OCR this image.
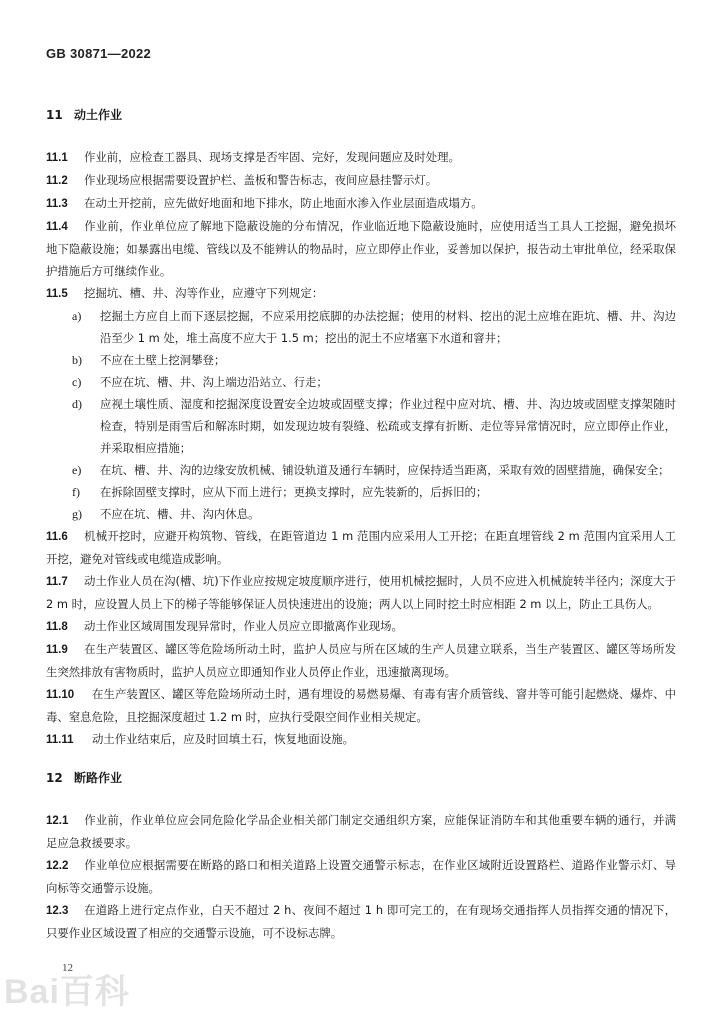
GB 30871—2022
11 动土作业
11.1 作业前，应检查工器具、现场支撑是否牢固、完好，发现问题应及时处理。
11.2 作业现场应根据需要设置护栏、盖板和警告标志，夜间应悬挂警示灯。
11.3 在动土开挖前，应先做好地面和地下排水，防止地面水渗入作业层面造成塌方。
11.4 作业前，作业单位应了解地下隐蔽设施的分布情况，作业临近地下隐蔽设施时，应使用适当工具人工挖掘，避免损坏地下隐蔽设施；如暴露出电缆、管线以及不能辨认的物品时，应立即停止作业，妥善加以保护，报告动土审批单位，经采取保护措施后方可继续作业。
11.5 挖掘坑、槽、井、沟等作业，应遵守下列规定：
a) 挖掘土方应自上而下逐层挖掘，不应采用挖底脚的办法挖掘；使用的材料、挖出的泥土应堆在距坑、槽、井、沟边沿至少 1 m 处，堆土高度不应大于 1.5 m；挖出的泥土不应堵塞下水道和窨井；
b) 不应在土壁上挖洞攀登；
c) 不应在坑、槽、井、沟上端边沿站立、行走；
d) 应视土壤性质、湿度和挖掘深度设置安全边坡或固壁支撑；作业过程中应对坑、槽、井、沟边坡或固壁支撑架随时检查，特别是雨雪后和解冻时期，如发现边坡有裂缝、松疏或支撑有折断、走位等异常情况时，应立即停止作业，并采取相应措施；
e) 在坑、槽、井、沟的边缘安放机械、铺设轨道及通行车辆时，应保持适当距离，采取有效的固壁措施，确保安全；
f) 在拆除固壁支撑时，应从下而上进行；更换支撑时，应先装新的，后拆旧的；
g) 不应在坑、槽、井、沟内休息。
11.6 机械开挖时，应避开构筑物、管线，在距管道边 1 m 范围内应采用人工开挖；在距直埋管线 2 m 范围内宜采用人工开挖，避免对管线或电缆造成影响。
11.7 动土作业人员在沟(槽、坑)下作业应按规定坡度顺序进行，使用机械挖掘时，人员不应进入机械旋转半径内；深度大于 2 m 时，应设置人员上下的梯子等能够保证人员快速进出的设施；两人以上同时挖土时应相距 2 m 以上，防止工具伤人。
11.8 动土作业区域周围发现异常时，作业人员应立即撤离作业现场。
11.9 在生产装置区、罐区等危险场所动土时，监护人员应与所在区域的生产人员建立联系，当生产装置区、罐区等场所发生突然排放有害物质时，监护人员应立即通知作业人员停止作业，迅速撤离现场。
11.10 在生产装置区、罐区等危险场所动土时，遇有埋设的易燃易爆、有毒有害介质管线、窨井等可能引起燃烧、爆炸、中毒、窒息危险，且挖掘深度超过 1.2 m 时，应执行受限空间作业相关规定。
11.11 动土作业结束后，应及时回填土石，恢复地面设施。
12 断路作业
12.1 作业前，作业单位应会同危险化学品企业相关部门制定交通组织方案，应能保证消防车和其他重要车辆的通行，并满足应急救援要求。
12.2 作业单位应根据需要在断路的路口和相关道路上设置交通警示标志，在作业区域附近设置路栏、道路作业警示灯、导向标等交通警示设施。
12.3 在道路上进行定点作业，白天不超过 2 h、夜间不超过 1 h 即可完工的，在有现场交通指挥人员指挥交通的情况下，只要作业区域设置了相应的交通警示设施，可不设标志牌。
12
Bai百科
